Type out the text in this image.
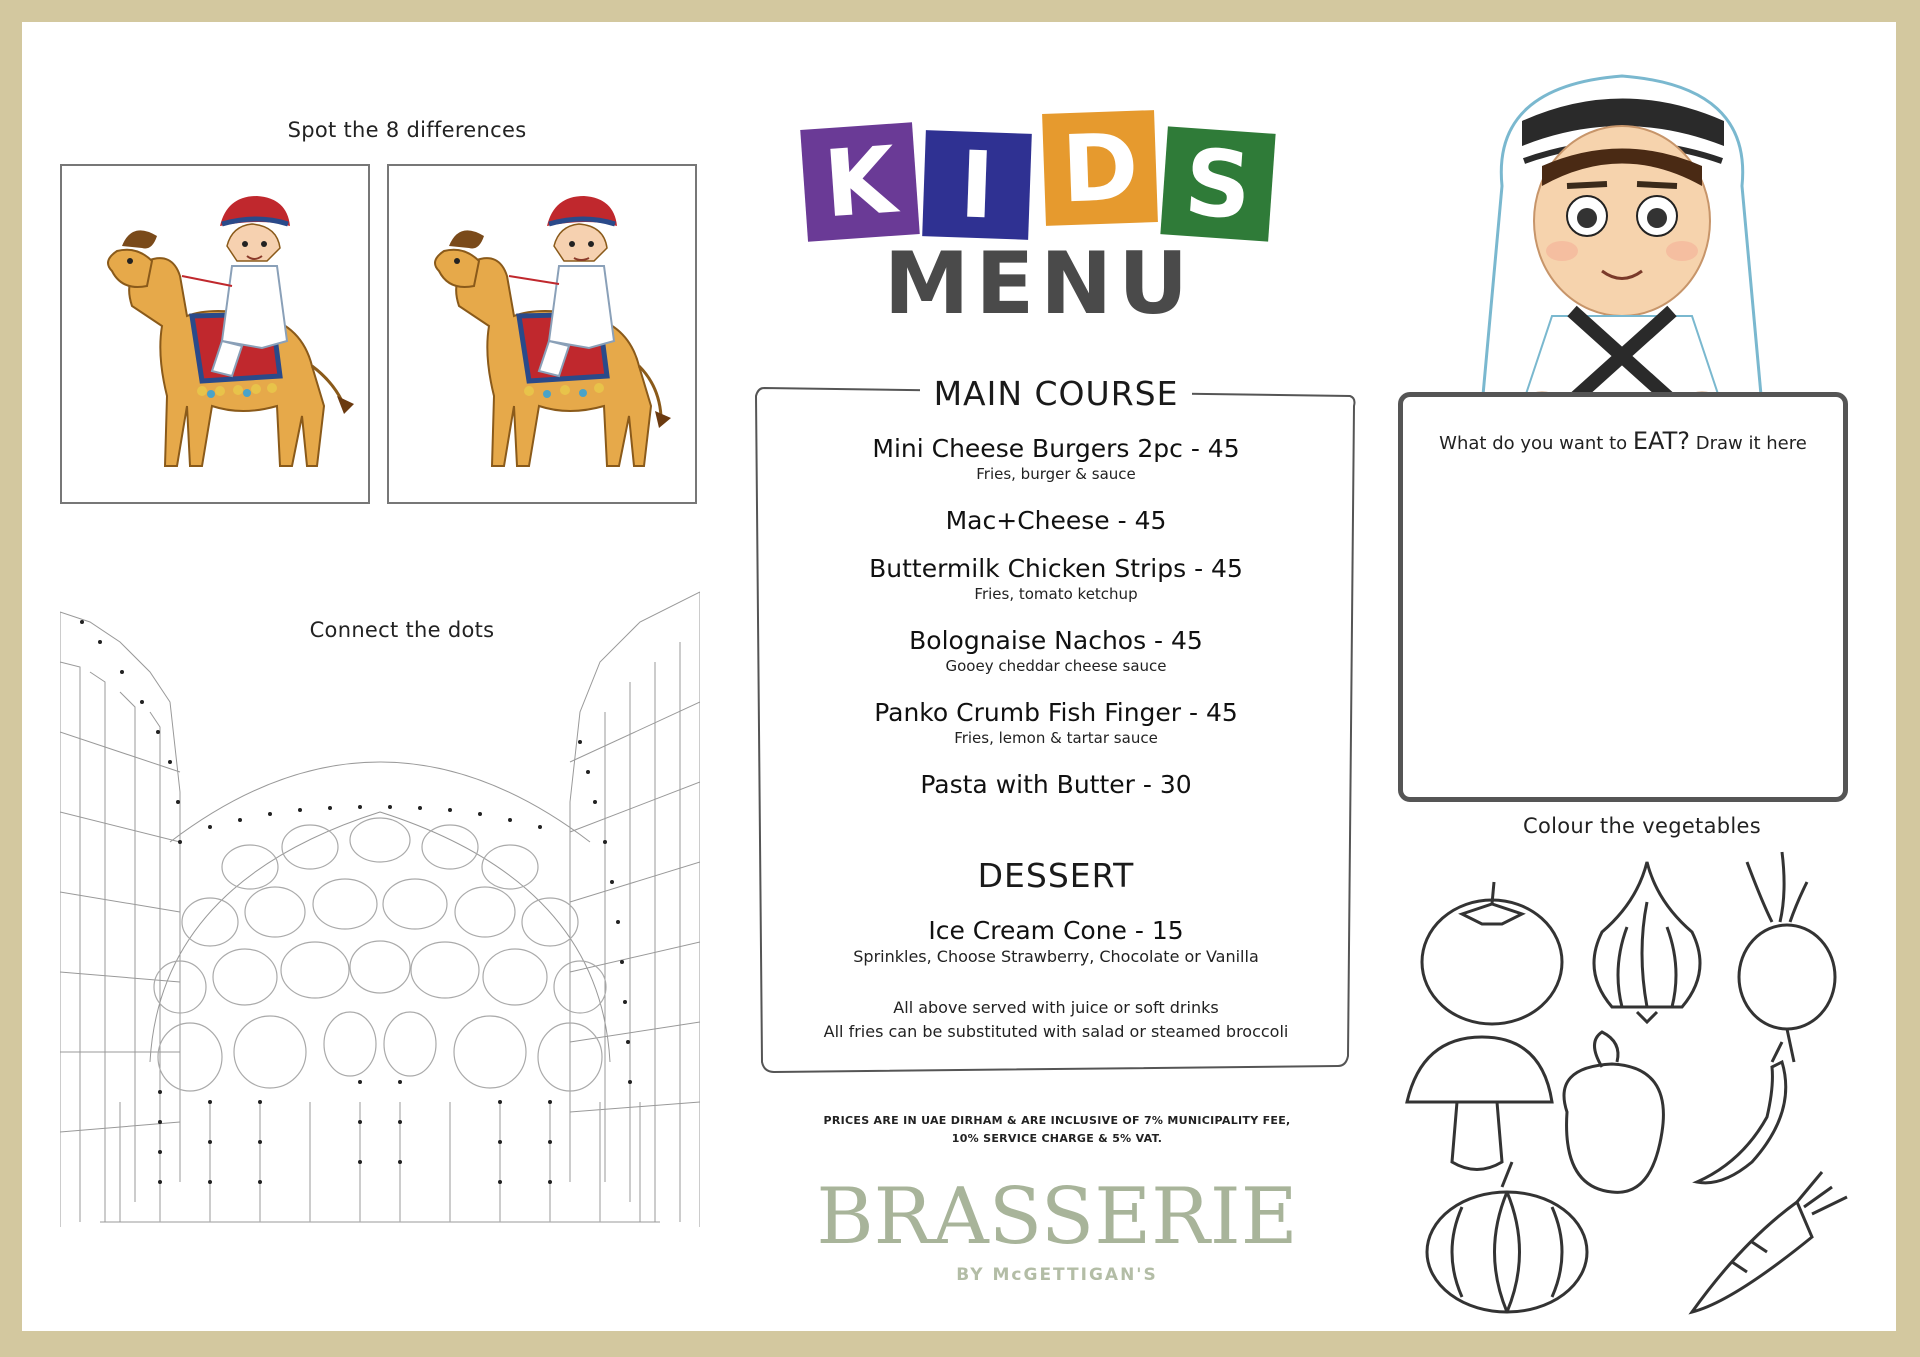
Spot the 8 differences
Connect the dots
K I D S
MENU
MAIN COURSE
Mini Cheese Burgers 2pc - 45
Fries, burger & sauce
Mac+Cheese - 45
Buttermilk Chicken Strips - 45
Fries, tomato ketchup
Bolognaise Nachos - 45
Gooey cheddar cheese sauce
Panko Crumb Fish Finger - 45
Fries, lemon & tartar sauce
Pasta with Butter - 30
DESSERT
Ice Cream Cone - 15
Sprinkles, Choose Strawberry, Chocolate or Vanilla
All above served with juice or soft drinks
All fries can be substituted with salad or steamed broccoli
PRICES ARE IN UAE DIRHAM & ARE INCLUSIVE OF 7% MUNICIPALITY FEE,
10% SERVICE CHARGE & 5% VAT.
BRASSERIE
BY McGETTIGAN'S
What do you want to EAT? Draw it here
Colour the vegetables
